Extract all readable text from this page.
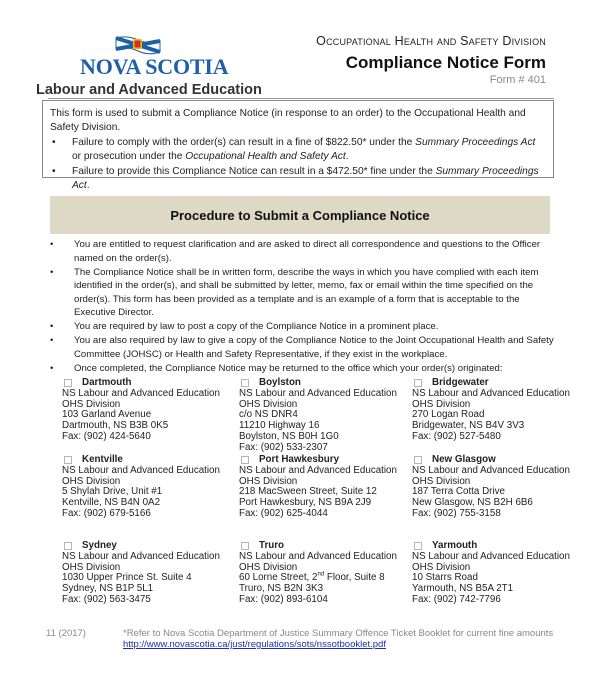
NOVA SCOTIA
Labour and Advanced Education
Occupational Health and Safety Division
Compliance Notice Form
Form # 401
This form is used to submit a Compliance Notice (in response to an order) to the Occupational Health and Safety Division.
• Failure to comply with the order(s) can result in a fine of $822.50* under the Summary Proceedings Act or prosecution under the Occupational Health and Safety Act.
• Failure to provide this Compliance Notice can result in a $472.50* fine under the Summary Proceedings Act.
Procedure to Submit a Compliance Notice
• You are entitled to request clarification and are asked to direct all correspondence and questions to the Officer named on the order(s).
• The Compliance Notice shall be in written form, describe the ways in which you have complied with each item identified in the order(s), and shall be submitted by letter, memo, fax or email within the time specified on the order(s). This form has been provided as a template and is an example of a form that is acceptable to the Executive Director.
• You are required by law to post a copy of the Compliance Notice in a prominent place.
• You are also required by law to give a copy of the Compliance Notice to the Joint Occupational Health and Safety Committee (JOHSC) or Health and Safety Representative, if they exist in the workplace.
• Once completed, the Compliance Notice may be returned to the office which your order(s) originated:
Dartmouth
NS Labour and Advanced Education
OHS Division
103 Garland Avenue
Dartmouth, NS B3B 0K5
Fax: (902) 424-5640
Boylston
NS Labour and Advanced Education
OHS Division
c/o NS DNR4
11210 Highway 16
Boylston, NS B0H 1G0
Fax: (902) 533-2307
Bridgewater
NS Labour and Advanced Education
OHS Division
270 Logan Road
Bridgewater, NS B4V 3V3
Fax: (902) 527-5480
Kentville
NS Labour and Advanced Education
OHS Division
5 Shylah Drive, Unit #1
Kentville, NS B4N 0A2
Fax: (902) 679-5166
Port Hawkesbury
NS Labour and Advanced Education
OHS Division
218 MacSween Street, Suite 12
Port Hawkesbury, NS B9A 2J9
Fax: (902) 625-4044
New Glasgow
NS Labour and Advanced Education
OHS Division
187 Terra Cotta Drive
New Glasgow, NS B2H 6B6
Fax: (902) 755-3158
Sydney
NS Labour and Advanced Education
OHS Division
1030 Upper Prince St. Suite 4
Sydney, NS B1P 5L1
Fax: (902) 563-3475
Truro
NS Labour and Advanced Education
OHS Division
60 Lorne Street, 2nd Floor, Suite 8
Truro, NS B2N 3K3
Fax: (902) 893-6104
Yarmouth
NS Labour and Advanced Education
OHS Division
10 Starrs Road
Yarmouth, NS B5A 2T1
Fax: (902) 742-7796
11 (2017)	*Refer to Nova Scotia Department of Justice Summary Offence Ticket Booklet for current fine amounts
http://www.novascotia.ca/just/regulations/sots/nssotbooklet.pdf
